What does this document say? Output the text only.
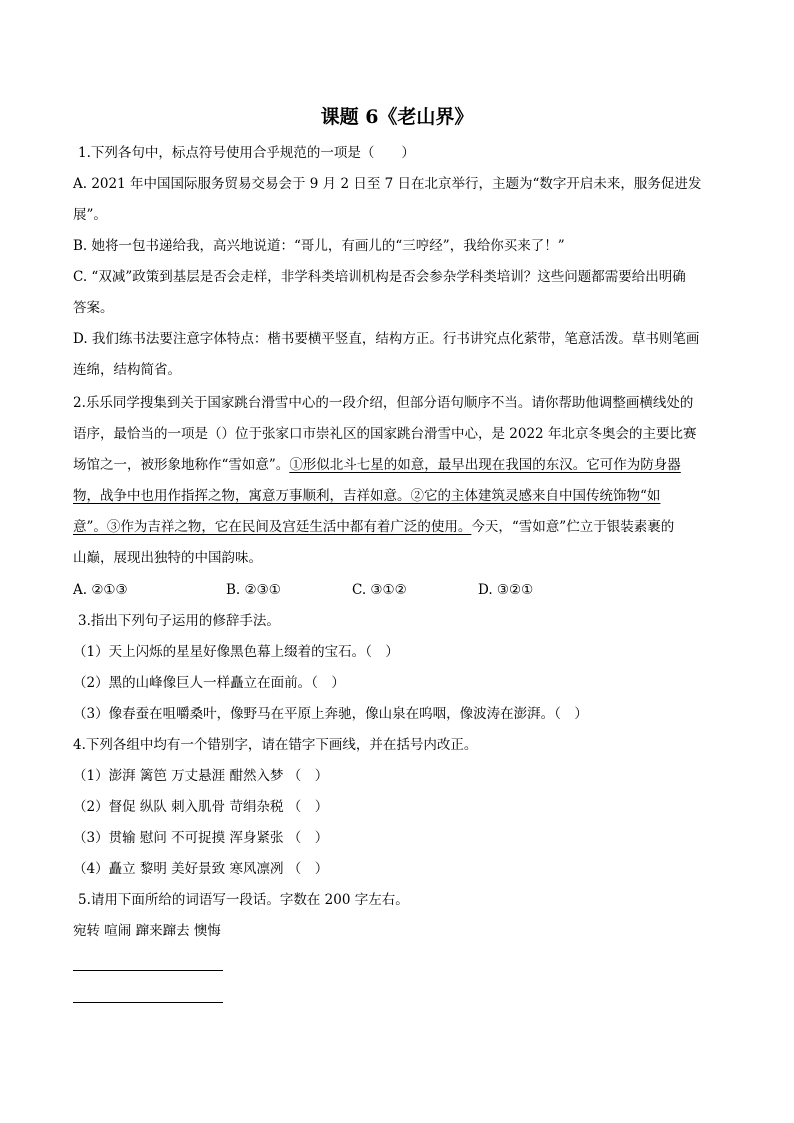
课题 6《老山界》
1.下列各句中，标点符号使用合乎规范的一项是（　　）
A. 2021 年中国国际服务贸易交易会于 9 月 2 日至 7 日在北京举行，主题为“数字开启未来，服务促进发
展”。
B. 她将一包书递给我，高兴地说道：“哥儿，有画儿的“三哼经”，我给你买来了！”
C. “双减”政策到基层是否会走样，非学科类培训机构是否会参杂学科类培训？这些问题都需要给出明确
答案。
D. 我们练书法要注意字体特点：楷书要横平竖直，结构方正。行书讲究点化萦带，笔意活泼。草书则笔画
连绵，结构简省。
2.乐乐同学搜集到关于国家跳台滑雪中心的一段介绍，但部分语句顺序不当。请你帮助他调整画横线处的
语序，最恰当的一项是（）位于张家口市崇礼区的国家跳台滑雪中心，是 2022 年北京冬奥会的主要比赛
场馆之一，被形象地称作“雪如意”。①形似北斗七星的如意，最早出现在我国的东汉。它可作为防身器
物，战争中也用作指挥之物，寓意万事顺利，吉祥如意。②它的主体建筑灵感来自中国传统饰物“如
意”。③作为吉祥之物，它在民间及宫廷生活中都有着广泛的使用。今天，“雪如意”伫立于银装素裹的
山巅，展现出独特的中国韵味。
A. ②①③	B. ②③①	C. ③①②	D. ③②①
3.指出下列句子运用的修辞手法。
（1）天上闪烁的星星好像黑色幕上缀着的宝石。（　）
（2）黑的山峰像巨人一样矗立在面前。（　）
（3）像春蚕在咀嚼桑叶，像野马在平原上奔驰，像山泉在呜咽，像波涛在澎湃。（　）
4.下列各组中均有一个错别字，请在错字下画线，并在括号内改正。
（1）澎湃 篱笆 万丈悬涯 酣然入梦 （　）
（2）督促 纵队 刺入肌骨 苛绢杂税 （　）
（3）贯输 慰问 不可捉摸 浑身紧张 （　）
（4）矗立 黎明 美好景致 寒风凛冽 （　）
5.请用下面所给的词语写一段话。字数在 200 字左右。
宛转 喧闹 蹿来蹿去 懊悔
